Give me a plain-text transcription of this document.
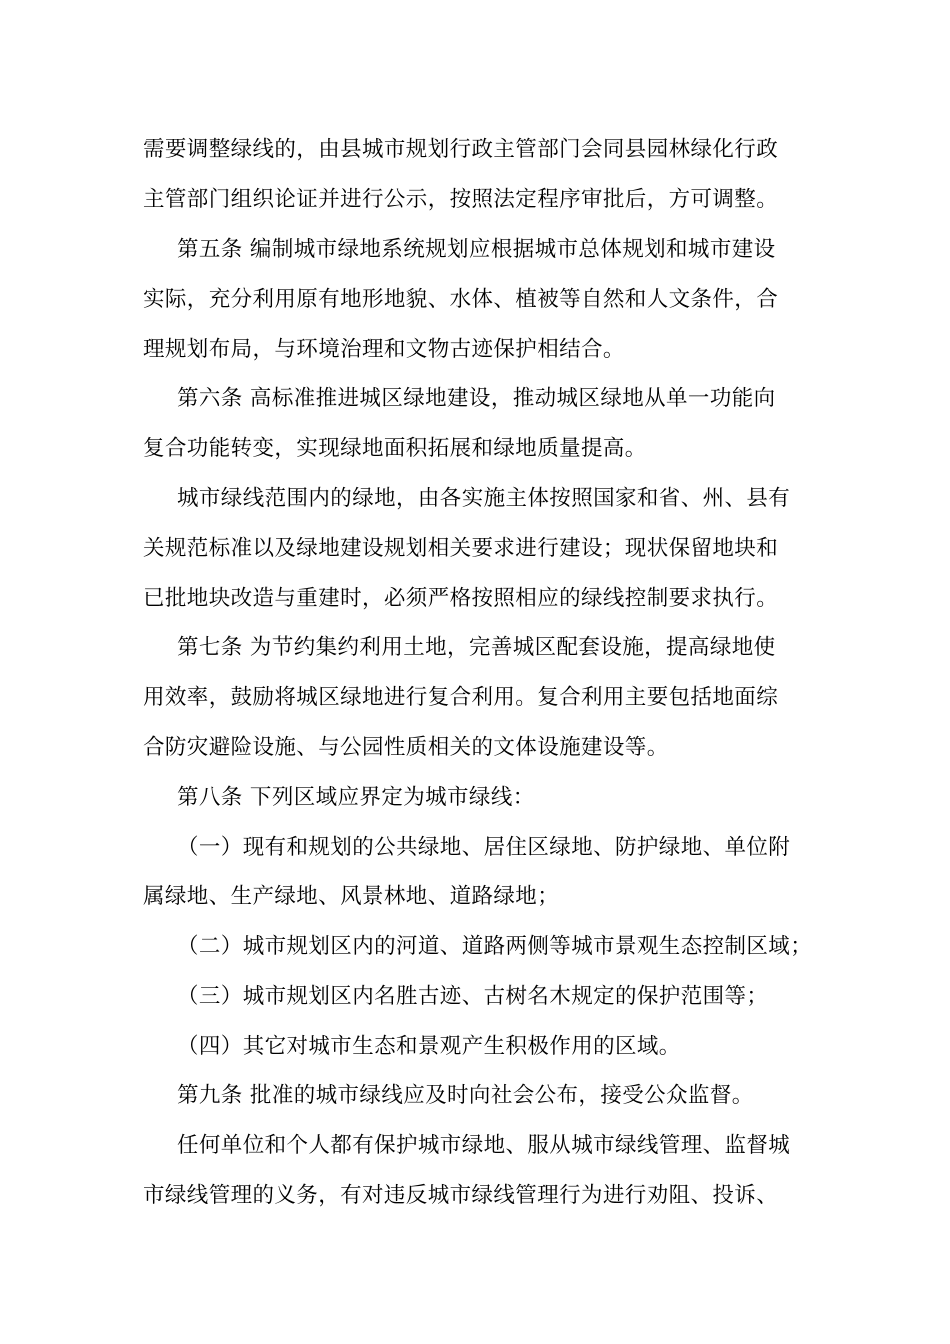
需要调整绿线的，由县城市规划行政主管部门会同县园林绿化行政
主管部门组织论证并进行公示，按照法定程序审批后，方可调整。
第五条 编制城市绿地系统规划应根据城市总体规划和城市建设
实际，充分利用原有地形地貌、水体、植被等自然和人文条件，合
理规划布局，与环境治理和文物古迹保护相结合。
第六条 高标准推进城区绿地建设，推动城区绿地从单一功能向
复合功能转变，实现绿地面积拓展和绿地质量提高。
城市绿线范围内的绿地，由各实施主体按照国家和省、州、县有
关规范标准以及绿地建设规划相关要求进行建设；现状保留地块和
已批地块改造与重建时，必须严格按照相应的绿线控制要求执行。
第七条 为节约集约利用土地，完善城区配套设施，提高绿地使
用效率，鼓励将城区绿地进行复合利用。复合利用主要包括地面综
合防灾避险设施、与公园性质相关的文体设施建设等。
第八条 下列区域应界定为城市绿线：
（一）现有和规划的公共绿地、居住区绿地、防护绿地、单位附
属绿地、生产绿地、风景林地、道路绿地；
（二）城市规划区内的河道、道路两侧等城市景观生态控制区域；
（三）城市规划区内名胜古迹、古树名木规定的保护范围等；
（四）其它对城市生态和景观产生积极作用的区域。
第九条 批准的城市绿线应及时向社会公布，接受公众监督。
任何单位和个人都有保护城市绿地、服从城市绿线管理、监督城
市绿线管理的义务，有对违反城市绿线管理行为进行劝阻、投诉、
